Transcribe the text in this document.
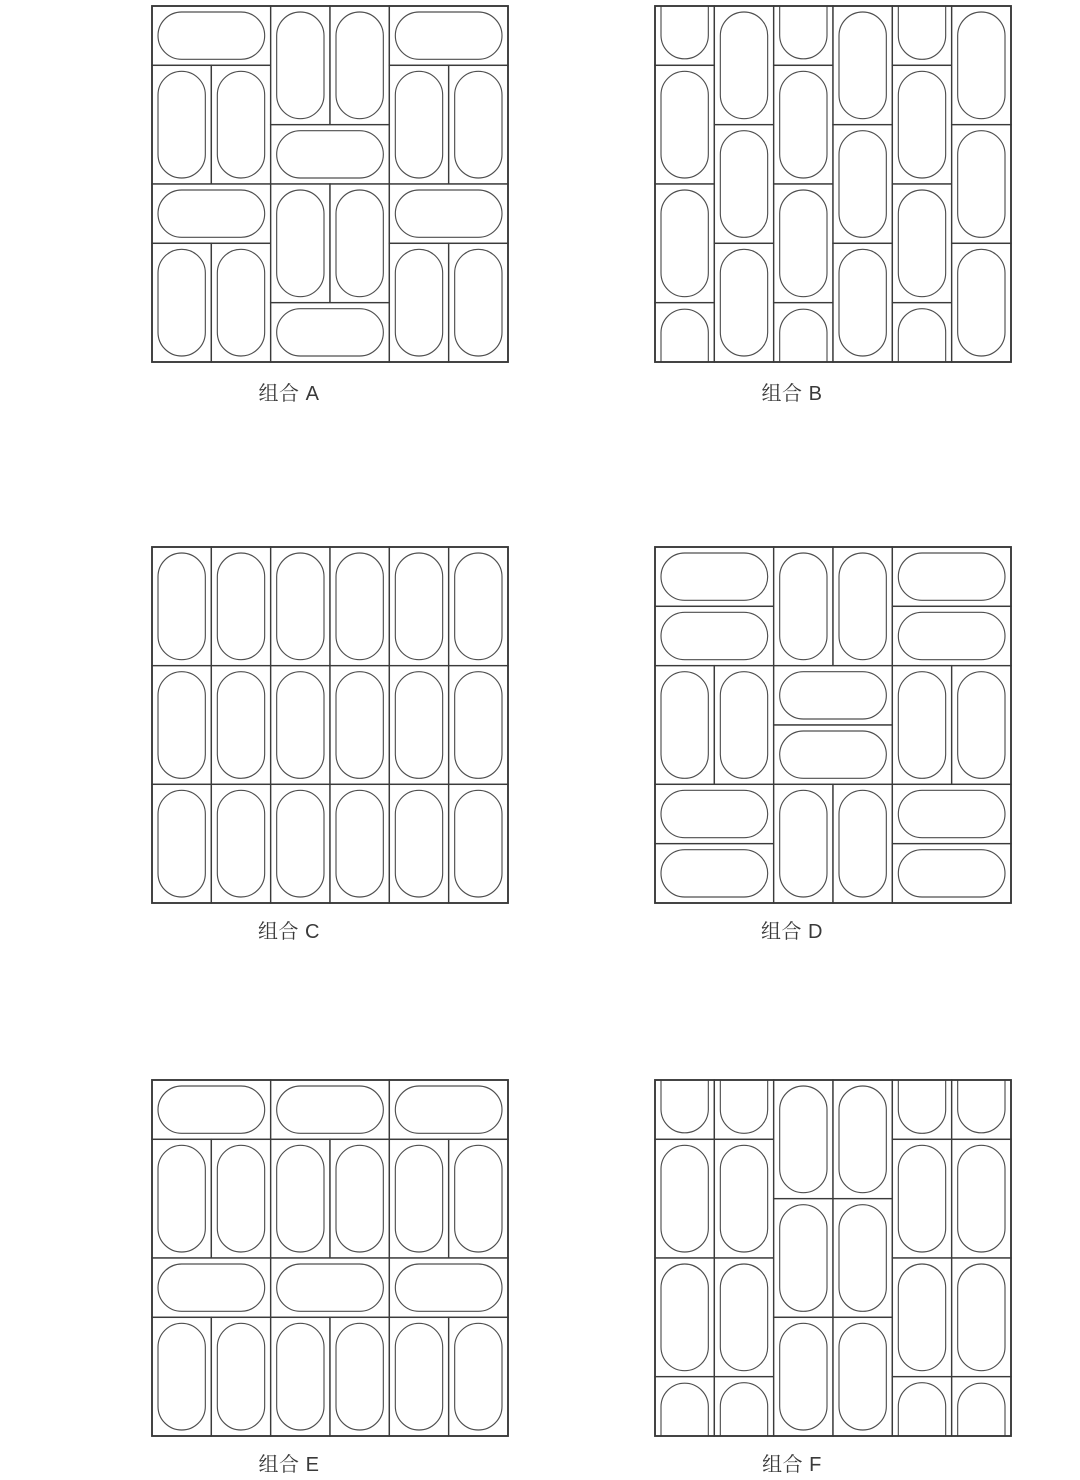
组合 A	组合 B
组合 C	组合 D
组合 E	组合 F
